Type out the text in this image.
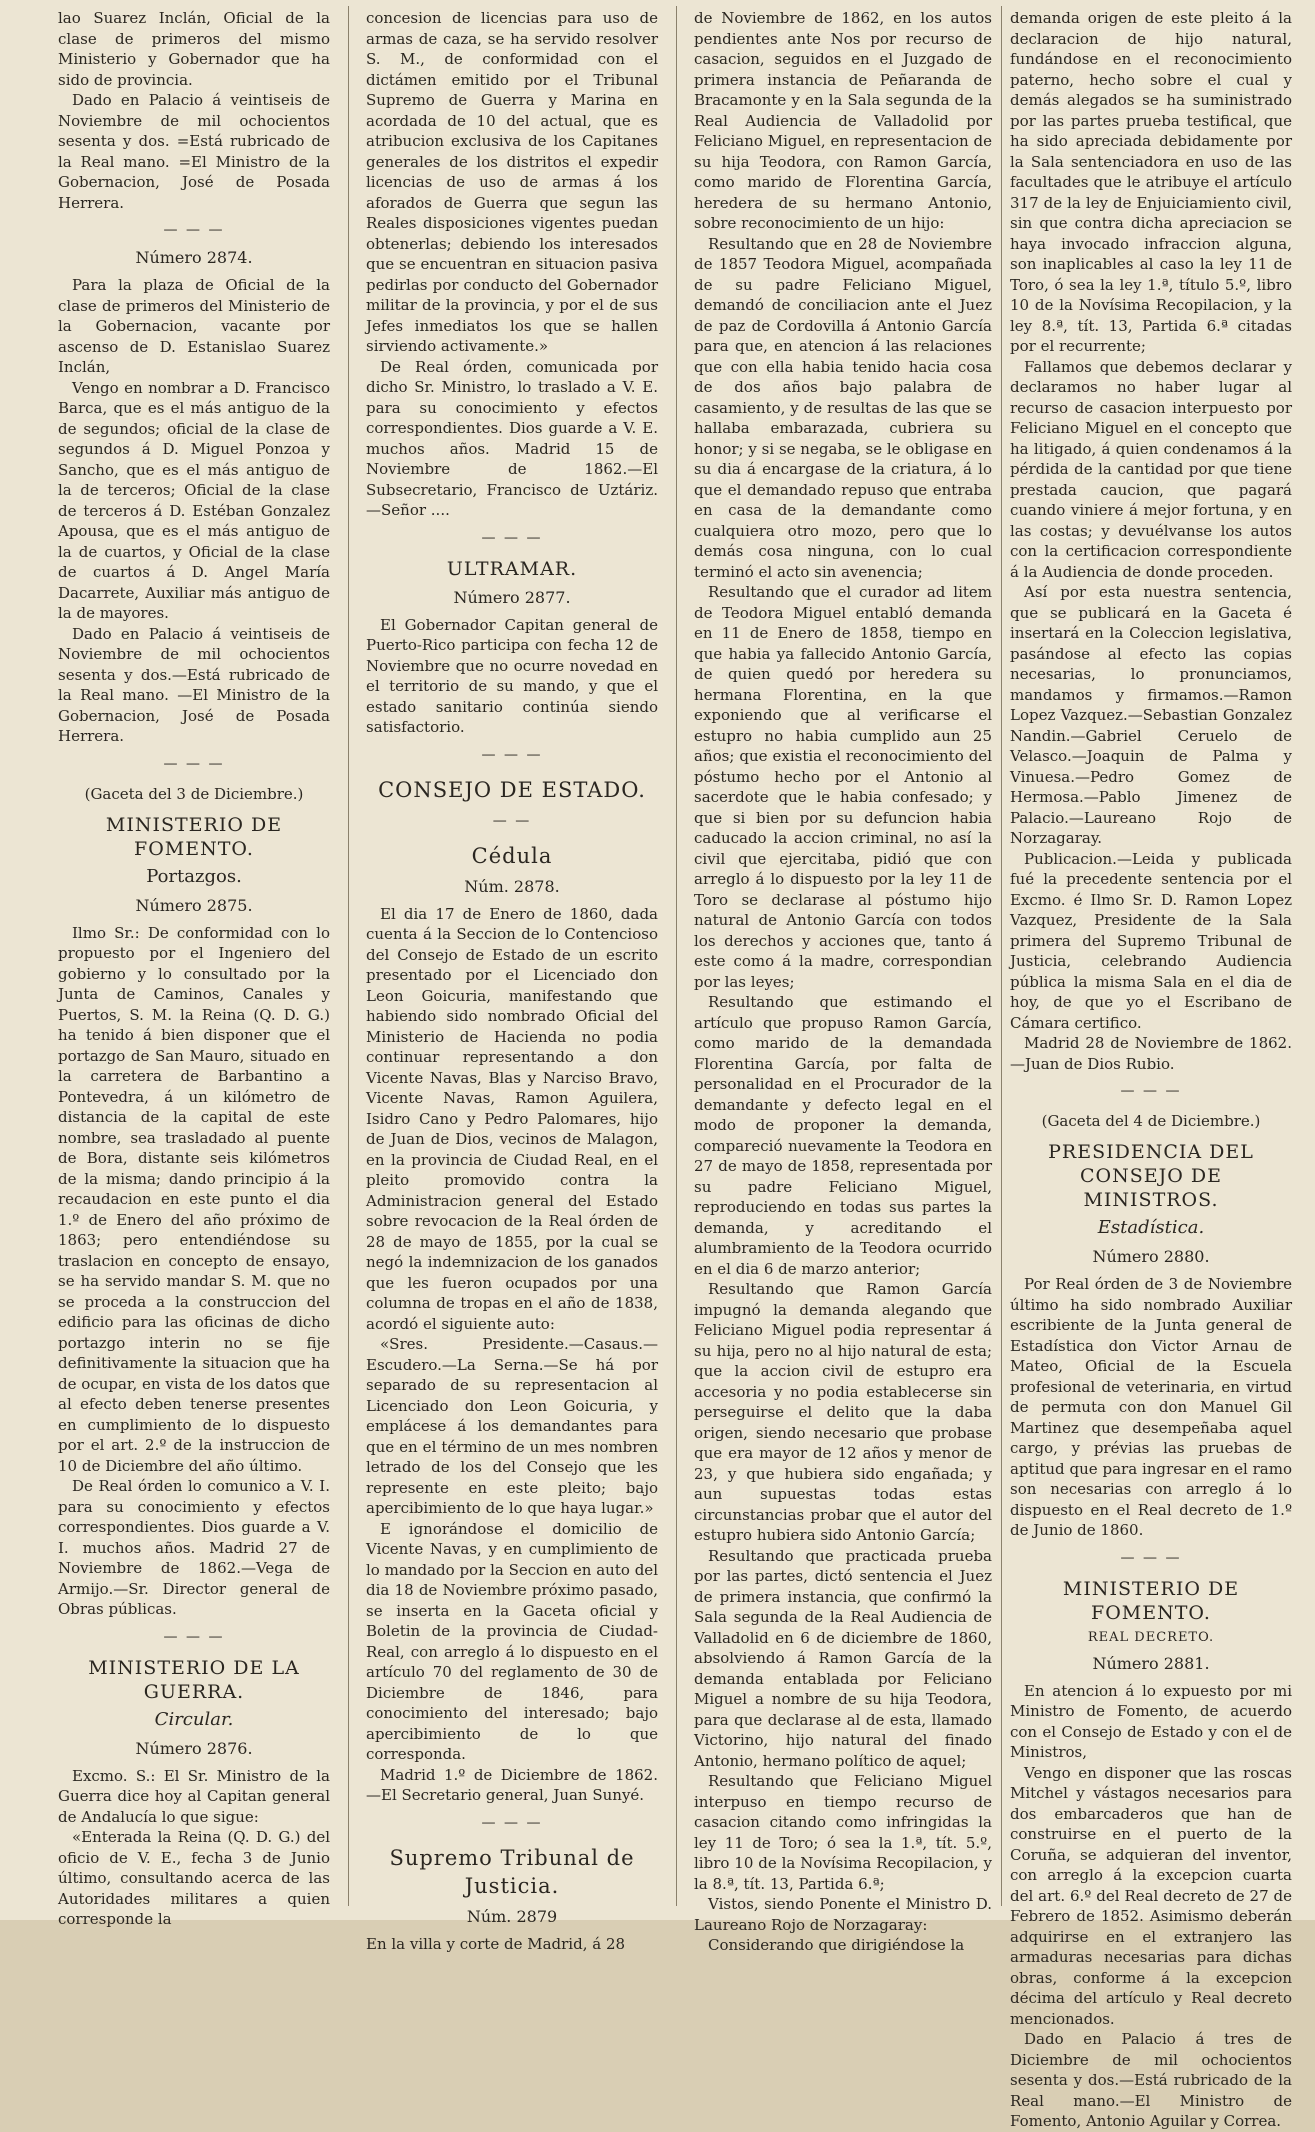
lao Suarez Inclán, Oficial de la clase de primeros del mismo Ministerio y Gobernador que ha sido de provincia.

Dado en Palacio á veintiseis de Noviembre de mil ochocientos sesenta y dos. =Está rubricado de la Real mano. =El Ministro de la Gobernacion, José de Posada Herrera.

— — —

Número 2874.

Para la plaza de Oficial de la clase de primeros del Ministerio de la Gobernacion, vacante por ascenso de D. Estanislao Suarez Inclán,

Vengo en nombrar a D. Francisco Barca, que es el más antiguo de la de segundos; oficial de la clase de segundos á D. Miguel Ponzoa y Sancho, que es el más antiguo de la de terceros; Oficial de la clase de terceros á D. Estéban Gonzalez Apousa, que es el más antiguo de la de cuartos, y Oficial de la clase de cuartos á D. Angel María Dacarrete, Auxiliar más antiguo de la de mayores.

Dado en Palacio á veintiseis de Noviembre de mil ochocientos sesenta y dos.—Está rubricado de la Real mano. —El Ministro de la Gobernacion, José de Posada Herrera.

— — —

(Gaceta del 3 de Diciembre.)

MINISTERIO DE FOMENTO.

Portazgos.

Número 2875.

Ilmo Sr.: De conformidad con lo propuesto por el Ingeniero del gobierno y lo consultado por la Junta de Caminos, Canales y Puertos, S. M. la Reina (Q. D. G.) ha tenido á bien disponer que el portazgo de San Mauro, situado en la carretera de Barbantino a Pontevedra, á un kilómetro de distancia de la capital de este nombre, sea trasladado al puente de Bora, distante seis kilómetros de la misma; dando principio á la recaudacion en este punto el dia 1.º de Enero del año próximo de 1863; pero entendiéndose su traslacion en concepto de ensayo, se ha servido mandar S. M. que no se proceda a la construccion del edificio para las oficinas de dicho portazgo interin no se fije definitivamente la situacion que ha de ocupar, en vista de los datos que al efecto deben tenerse presentes en cumplimiento de lo dispuesto por el art. 2.º de la instruccion de 10 de Diciembre del año último.

De Real órden lo comunico a V. I. para su conocimiento y efectos correspondientes. Dios guarde a V. I. muchos años. Madrid 27 de Noviembre de 1862.—Vega de Armijo.—Sr. Director general de Obras públicas.

— — —

MINISTERIO DE LA GUERRA.

Circular.

Número 2876.

Excmo. S.: El Sr. Ministro de la Guerra dice hoy al Capitan general de Andalucía lo que sigue:

«Enterada la Reina (Q. D. G.) del oficio de V. E., fecha 3 de Junio último, consultando acerca de las Autoridades militares a quien corresponde la

concesion de licencias para uso de armas de caza, se ha servido resolver S. M., de conformidad con el dictámen emitido por el Tribunal Supremo de Guerra y Marina en acordada de 10 del actual, que es atribucion exclusiva de los Capitanes generales de los distritos el expedir licencias de uso de armas á los aforados de Guerra que segun las Reales disposiciones vigentes puedan obtenerlas; debiendo los interesados que se encuentran en situacion pasiva pedirlas por conducto del Gobernador militar de la provincia, y por el de sus Jefes inmediatos los que se hallen sirviendo activamente.»

De Real órden, comunicada por dicho Sr. Ministro, lo traslado a V. E. para su conocimiento y efectos correspondientes. Dios guarde a V. E. muchos años. Madrid 15 de Noviembre de 1862.—El Subsecretario, Francisco de Uztáriz.—Señor ....

— — —

ULTRAMAR.

Número 2877.

El Gobernador Capitan general de Puerto-Rico participa con fecha 12 de Noviembre que no ocurre novedad en el territorio de su mando, y que el estado sanitario continúa siendo satisfactorio.

— — —

CONSEJO DE ESTADO.

— —

Cédula

Núm. 2878.

El dia 17 de Enero de 1860, dada cuenta á la Seccion de lo Contencioso del Consejo de Estado de un escrito presentado por el Licenciado don Leon Goicuria, manifestando que habiendo sido nombrado Oficial del Ministerio de Hacienda no podia continuar representando a don Vicente Navas, Blas y Narciso Bravo, Vicente Navas, Ramon Aguilera, Isidro Cano y Pedro Palomares, hijo de Juan de Dios, vecinos de Malagon, en la provincia de Ciudad Real, en el pleito promovido contra la Administracion general del Estado sobre revocacion de la Real órden de 28 de mayo de 1855, por la cual se negó la indemnizacion de los ganados que les fueron ocupados por una columna de tropas en el año de 1838, acordó el siguiente auto:

«Sres. Presidente.—Casaus.—Escudero.—La Serna.—Se há por separado de su representacion al Licenciado don Leon Goicuria, y emplácese á los demandantes para que en el término de un mes nombren letrado de los del Consejo que les represente en este pleito; bajo apercibimiento de lo que haya lugar.»

E ignorándose el domicilio de Vicente Navas, y en cumplimiento de lo mandado por la Seccion en auto del dia 18 de Noviembre próximo pasado, se inserta en la Gaceta oficial y Boletin de la provincia de Ciudad-Real, con arreglo á lo dispuesto en el artículo 70 del reglamento de 30 de Diciembre de 1846, para conocimiento del interesado; bajo apercibimiento de lo que corresponda.

Madrid 1.º de Diciembre de 1862. —El Secretario general, Juan Sunyé.

— — —

Supremo Tribunal de Justicia.

Núm. 2879

En la villa y corte de Madrid, á 28

de Noviembre de 1862, en los autos pendientes ante Nos por recurso de casacion, seguidos en el Juzgado de primera instancia de Peñaranda de Bracamonte y en la Sala segunda de la Real Audiencia de Valladolid por Feliciano Miguel, en representacion de su hija Teodora, con Ramon García, como marido de Florentina García, heredera de su hermano Antonio, sobre reconocimiento de un hijo:

Resultando que en 28 de Noviembre de 1857 Teodora Miguel, acompañada de su padre Feliciano Miguel, demandó de conciliacion ante el Juez de paz de Cordovilla á Antonio García para que, en atencion á las relaciones que con ella habia tenido hacia cosa de dos años bajo palabra de casamiento, y de resultas de las que se hallaba embarazada, cubriera su honor; y si se negaba, se le obligase en su dia á encargase de la criatura, á lo que el demandado repuso que entraba en casa de la demandante como cualquiera otro mozo, pero que lo demás cosa ninguna, con lo cual terminó el acto sin avenencia;

Resultando que el curador ad litem de Teodora Miguel entabló demanda en 11 de Enero de 1858, tiempo en que habia ya fallecido Antonio García, de quien quedó por heredera su hermana Florentina, en la que exponiendo que al verificarse el estupro no habia cumplido aun 25 años; que existia el reconocimiento del póstumo hecho por el Antonio al sacerdote que le habia confesado; y que si bien por su defuncion habia caducado la accion criminal, no así la civil que ejercitaba, pidió que con arreglo á lo dispuesto por la ley 11 de Toro se declarase al póstumo hijo natural de Antonio García con todos los derechos y acciones que, tanto á este como á la madre, correspondian por las leyes;

Resultando que estimando el artículo que propuso Ramon García, como marido de la demandada Florentina García, por falta de personalidad en el Procurador de la demandante y defecto legal en el modo de proponer la demanda, compareció nuevamente la Teodora en 27 de mayo de 1858, representada por su padre Feliciano Miguel, reproduciendo en todas sus partes la demanda, y acreditando el alumbramiento de la Teodora ocurrido en el dia 6 de marzo anterior;

Resultando que Ramon García impugnó la demanda alegando que Feliciano Miguel podia representar á su hija, pero no al hijo natural de esta; que la accion civil de estupro era accesoria y no podia establecerse sin perseguirse el delito que la daba origen, siendo necesario que probase que era mayor de 12 años y menor de 23, y que hubiera sido engañada; y aun supuestas todas estas circunstancias probar que el autor del estupro hubiera sido Antonio García;

Resultando que practicada prueba por las partes, dictó sentencia el Juez de primera instancia, que confirmó la Sala segunda de la Real Audiencia de Valladolid en 6 de diciembre de 1860, absolviendo á Ramon García de la demanda entablada por Feliciano Miguel a nombre de su hija Teodora, para que declarase al de esta, llamado Victorino, hijo natural del finado Antonio, hermano político de aquel;

Resultando que Feliciano Miguel interpuso en tiempo recurso de casacion citando como infringidas la ley 11 de Toro; ó sea la 1.ª, tít. 5.º, libro 10 de la Novísima Recopilacion, y la 8.ª, tít. 13, Partida 6.ª;

Vistos, siendo Ponente el Ministro D. Laureano Rojo de Norzagaray:

Considerando que dirigiéndose la

demanda origen de este pleito á la declaracion de hijo natural, fundándose en el reconocimiento paterno, hecho sobre el cual y demás alegados se ha suministrado por las partes prueba testifical, que ha sido apreciada debidamente por la Sala sentenciadora en uso de las facultades que le atribuye el artículo 317 de la ley de Enjuiciamiento civil, sin que contra dicha apreciacion se haya invocado infraccion alguna, son inaplicables al caso la ley 11 de Toro, ó sea la ley 1.ª, título 5.º, libro 10 de la Novísima Recopilacion, y la ley 8.ª, tít. 13, Partida 6.ª citadas por el recurrente;

Fallamos que debemos declarar y declaramos no haber lugar al recurso de casacion interpuesto por Feliciano Miguel en el concepto que ha litigado, á quien condenamos á la pérdida de la cantidad por que tiene prestada caucion, que pagará cuando viniere á mejor fortuna, y en las costas; y devuélvanse los autos con la certificacion correspondiente á la Audiencia de donde proceden.

Así por esta nuestra sentencia, que se publicará en la Gaceta é insertará en la Coleccion legislativa, pasándose al efecto las copias necesarias, lo pronunciamos, mandamos y firmamos.—Ramon Lopez Vazquez.—Sebastian Gonzalez Nandin.—Gabriel Ceruelo de Velasco.—Joaquin de Palma y Vinuesa.—Pedro Gomez de Hermosa.—Pablo Jimenez de Palacio.—Laureano Rojo de Norzagaray.

Publicacion.—Leida y publicada fué la precedente sentencia por el Excmo. é Ilmo Sr. D. Ramon Lopez Vazquez, Presidente de la Sala primera del Supremo Tribunal de Justicia, celebrando Audiencia pública la misma Sala en el dia de hoy, de que yo el Escribano de Cámara certifico.

Madrid 28 de Noviembre de 1862. —Juan de Dios Rubio.

— — —

(Gaceta del 4 de Diciembre.)

PRESIDENCIA DEL CONSEJO DE MINISTROS.

Estadística.

Número 2880.

Por Real órden de 3 de Noviembre último ha sido nombrado Auxiliar escribiente de la Junta general de Estadística don Victor Arnau de Mateo, Oficial de la Escuela profesional de veterinaria, en virtud de permuta con don Manuel Gil Martinez que desempeñaba aquel cargo, y prévias las pruebas de aptitud que para ingresar en el ramo son necesarias con arreglo á lo dispuesto en el Real decreto de 1.º de Junio de 1860.

— — —

MINISTERIO DE FOMENTO.

REAL DECRETO.

Número 2881.

En atencion á lo expuesto por mi Ministro de Fomento, de acuerdo con el Consejo de Estado y con el de Ministros,

Vengo en disponer que las roscas Mitchel y vástagos necesarios para dos embarcaderos que han de construirse en el puerto de la Coruña, se adquieran del inventor, con arreglo á la excepcion cuarta del art. 6.º del Real decreto de 27 de Febrero de 1852. Asimismo deberán adquirirse en el extranjero las armaduras necesarias para dichas obras, conforme á la excepcion décima del artículo y Real decreto mencionados.

Dado en Palacio á tres de Diciembre de mil ochocientos sesenta y dos.—Está rubricado de la Real mano.—El Ministro de Fomento, Antonio Aguilar y Correa.
